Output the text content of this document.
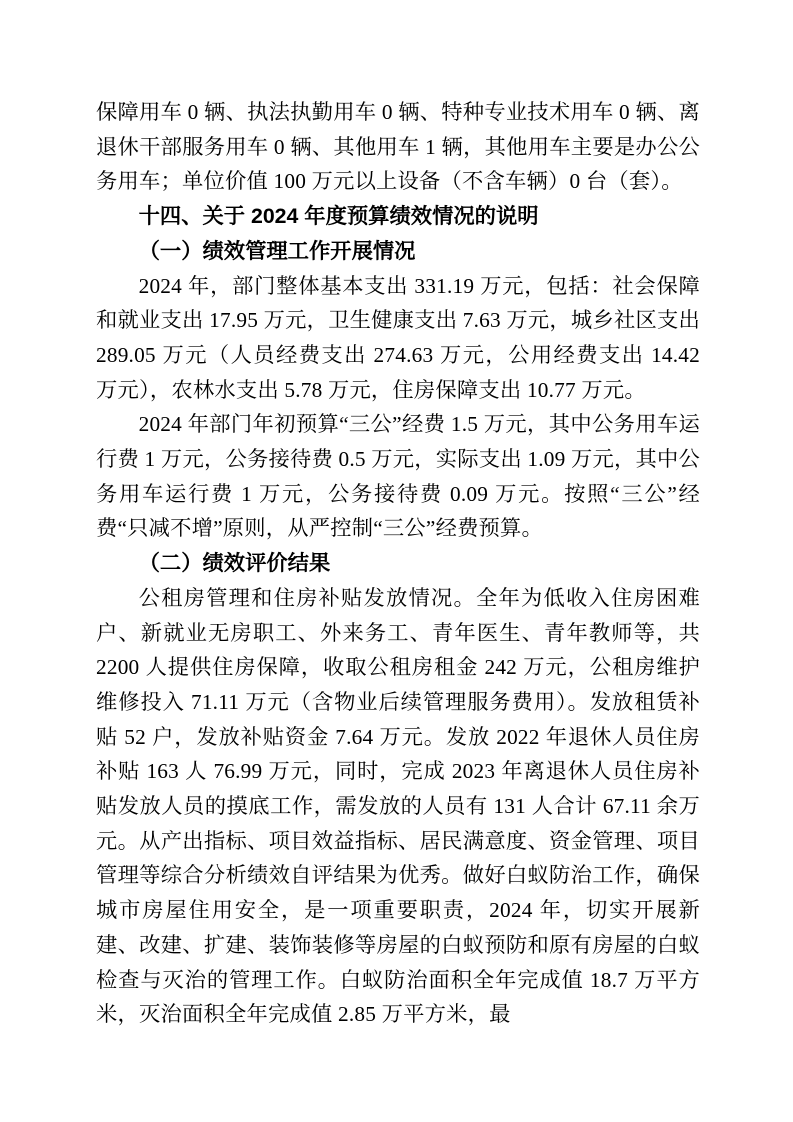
保障用车 0 辆、执法执勤用车 0 辆、特种专业技术用车 0 辆、离退休干部服务用车 0 辆、其他用车 1 辆，其他用车主要是办公公务用车；单位价值 100 万元以上设备（不含车辆）0 台（套）。

十四、关于 2024 年度预算绩效情况的说明
（一）绩效管理工作开展情况

2024 年，部门整体基本支出 331.19 万元，包括：社会保障和就业支出 17.95 万元，卫生健康支出 7.63 万元，城乡社区支出 289.05 万元（人员经费支出 274.63 万元，公用经费支出 14.42 万元），农林水支出 5.78 万元，住房保障支出 10.77 万元。

2024 年部门年初预算“三公”经费 1.5 万元，其中公务用车运行费 1 万元，公务接待费 0.5 万元，实际支出 1.09 万元，其中公务用车运行费 1 万元，公务接待费 0.09 万元。按照“三公”经费“只减不增”原则，从严控制“三公”经费预算。

（二）绩效评价结果

公租房管理和住房补贴发放情况。全年为低收入住房困难户、新就业无房职工、外来务工、青年医生、青年教师等，共 2200 人提供住房保障，收取公租房租金 242 万元，公租房维护维修投入 71.11 万元（含物业后续管理服务费用）。发放租赁补贴 52 户，发放补贴资金 7.64 万元。发放 2022 年退休人员住房补贴 163 人 76.99 万元，同时，完成 2023 年离退休人员住房补贴发放人员的摸底工作，需发放的人员有 131 人合计 67.11 余万元。从产出指标、项目效益指标、居民满意度、资金管理、项目管理等综合分析绩效自评结果为优秀。做好白蚁防治工作，确保城市房屋住用安全，是一项重要职责，2024 年，切实开展新建、改建、扩建、装饰装修等房屋的白蚁预防和原有房屋的白蚁检查与灭治的管理工作。白蚁防治面积全年完成值 18.7 万平方米，灭治面积全年完成值 2.85 万平方米，最
